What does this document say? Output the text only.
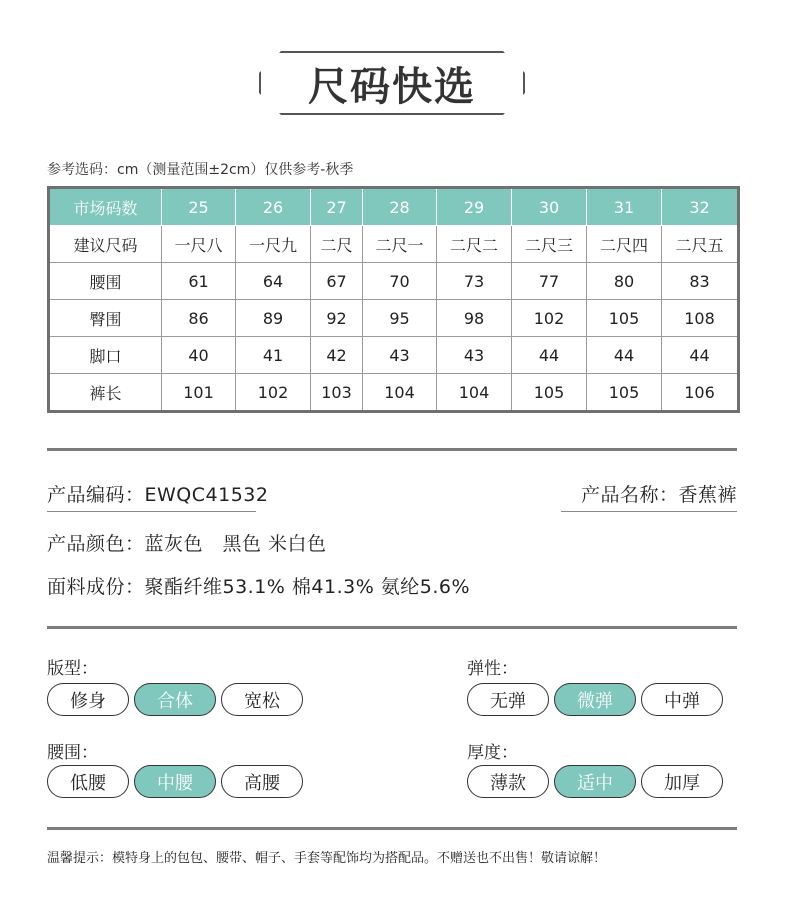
尺码快选
参考选码：cm（测量范围±2cm）仅供参考-秋季
市场码数	25	26	27	28	29	30	31	32
建议尺码	一尺八	一尺九	二尺	二尺一	二尺二	二尺三	二尺四	二尺五
腰围	61	64	67	70	73	77	80	83
臀围	86	89	92	95	98	102	105	108
脚口	40	41	42	43	43	44	44	44
裤长	101	102	103	104	104	105	105	106
产品编码：EWQC41532	产品名称：香蕉裤
产品颜色：蓝灰色　黑色 米白色
面料成份：聚酯纤维53.1% 棉41.3% 氨纶5.6%
版型：
修身	合体	宽松
弹性：
无弹	微弹	中弹
腰围：
低腰	中腰	高腰
厚度：
薄款	适中	加厚
温馨提示：模特身上的包包、腰带、帽子、手套等配饰均为搭配品。不赠送也不出售！敬请谅解！
